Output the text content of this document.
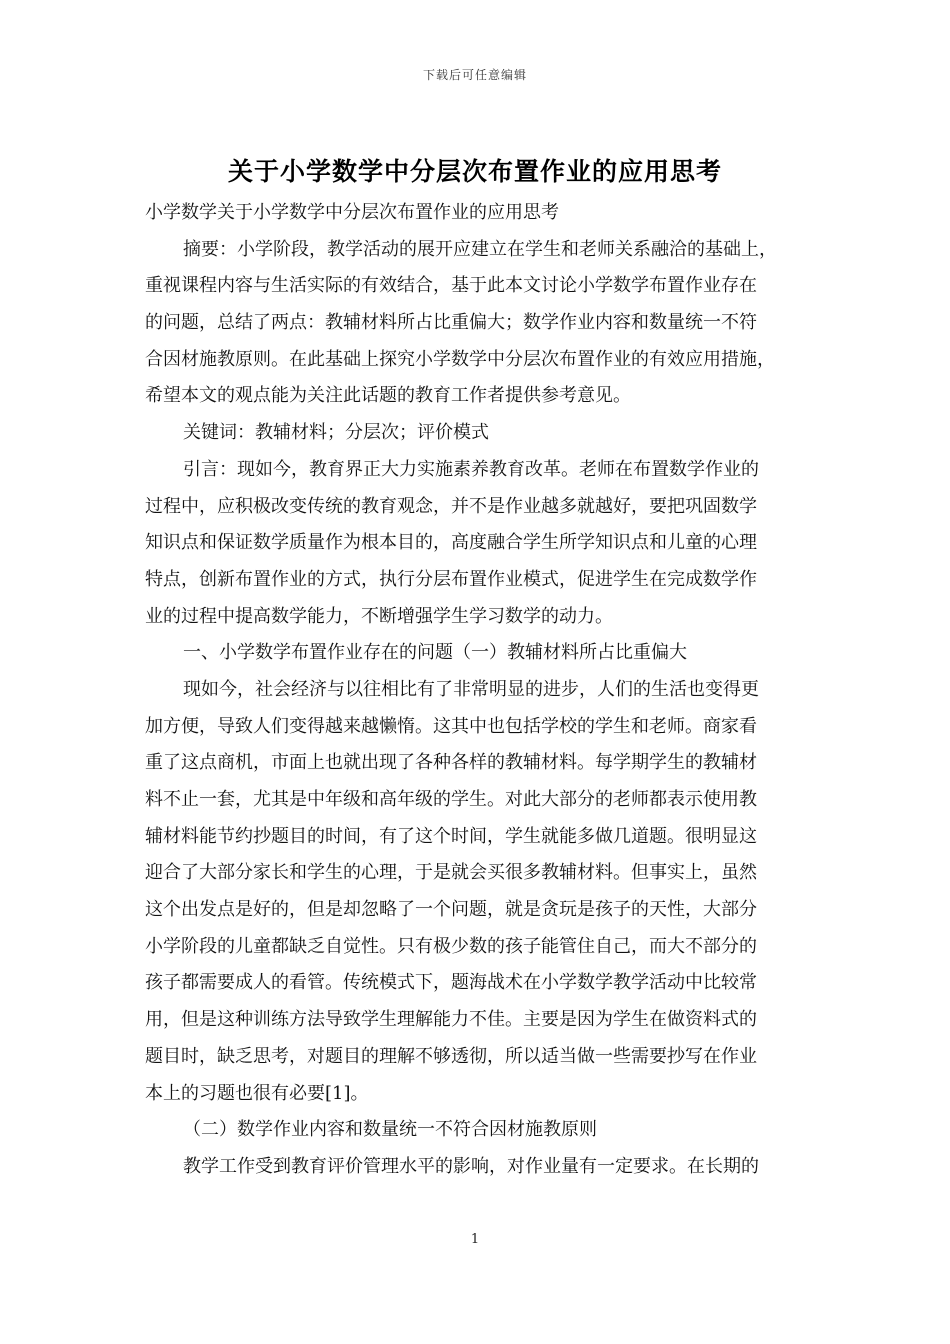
下载后可任意编辑
关于小学数学中分层次布置作业的应用思考
小学数学关于小学数学中分层次布置作业的应用思考
摘要：小学阶段，教学活动的展开应建立在学生和老师关系融洽的基础上，
重视课程内容与生活实际的有效结合，基于此本文讨论小学数学布置作业存在
的问题，总结了两点：教辅材料所占比重偏大；数学作业内容和数量统一不符
合因材施教原则。在此基础上探究小学数学中分层次布置作业的有效应用措施，
希望本文的观点能为关注此话题的教育工作者提供参考意见。
关键词：教辅材料；分层次；评价模式
引言：现如今，教育界正大力实施素养教育改革。老师在布置数学作业的
过程中，应积极改变传统的教育观念，并不是作业越多就越好，要把巩固数学
知识点和保证数学质量作为根本目的，高度融合学生所学知识点和儿童的心理
特点，创新布置作业的方式，执行分层布置作业模式，促进学生在完成数学作
业的过程中提高数学能力，不断增强学生学习数学的动力。
一、小学数学布置作业存在的问题（一）教辅材料所占比重偏大
现如今，社会经济与以往相比有了非常明显的进步，人们的生活也变得更
加方便，导致人们变得越来越懒惰。这其中也包括学校的学生和老师。商家看
重了这点商机，市面上也就出现了各种各样的教辅材料。每学期学生的教辅材
料不止一套，尤其是中年级和高年级的学生。对此大部分的老师都表示使用教
辅材料能节约抄题目的时间，有了这个时间，学生就能多做几道题。很明显这
迎合了大部分家长和学生的心理，于是就会买很多教辅材料。但事实上，虽然
这个出发点是好的，但是却忽略了一个问题，就是贪玩是孩子的天性，大部分
小学阶段的儿童都缺乏自觉性。只有极少数的孩子能管住自己，而大不部分的
孩子都需要成人的看管。传统模式下，题海战术在小学数学教学活动中比较常
用，但是这种训练方法导致学生理解能力不佳。主要是因为学生在做资料式的
题目时，缺乏思考，对题目的理解不够透彻，所以适当做一些需要抄写在作业
本上的习题也很有必要[1]。
（二）数学作业内容和数量统一不符合因材施教原则
教学工作受到教育评价管理水平的影响，对作业量有一定要求。在长期的
1
